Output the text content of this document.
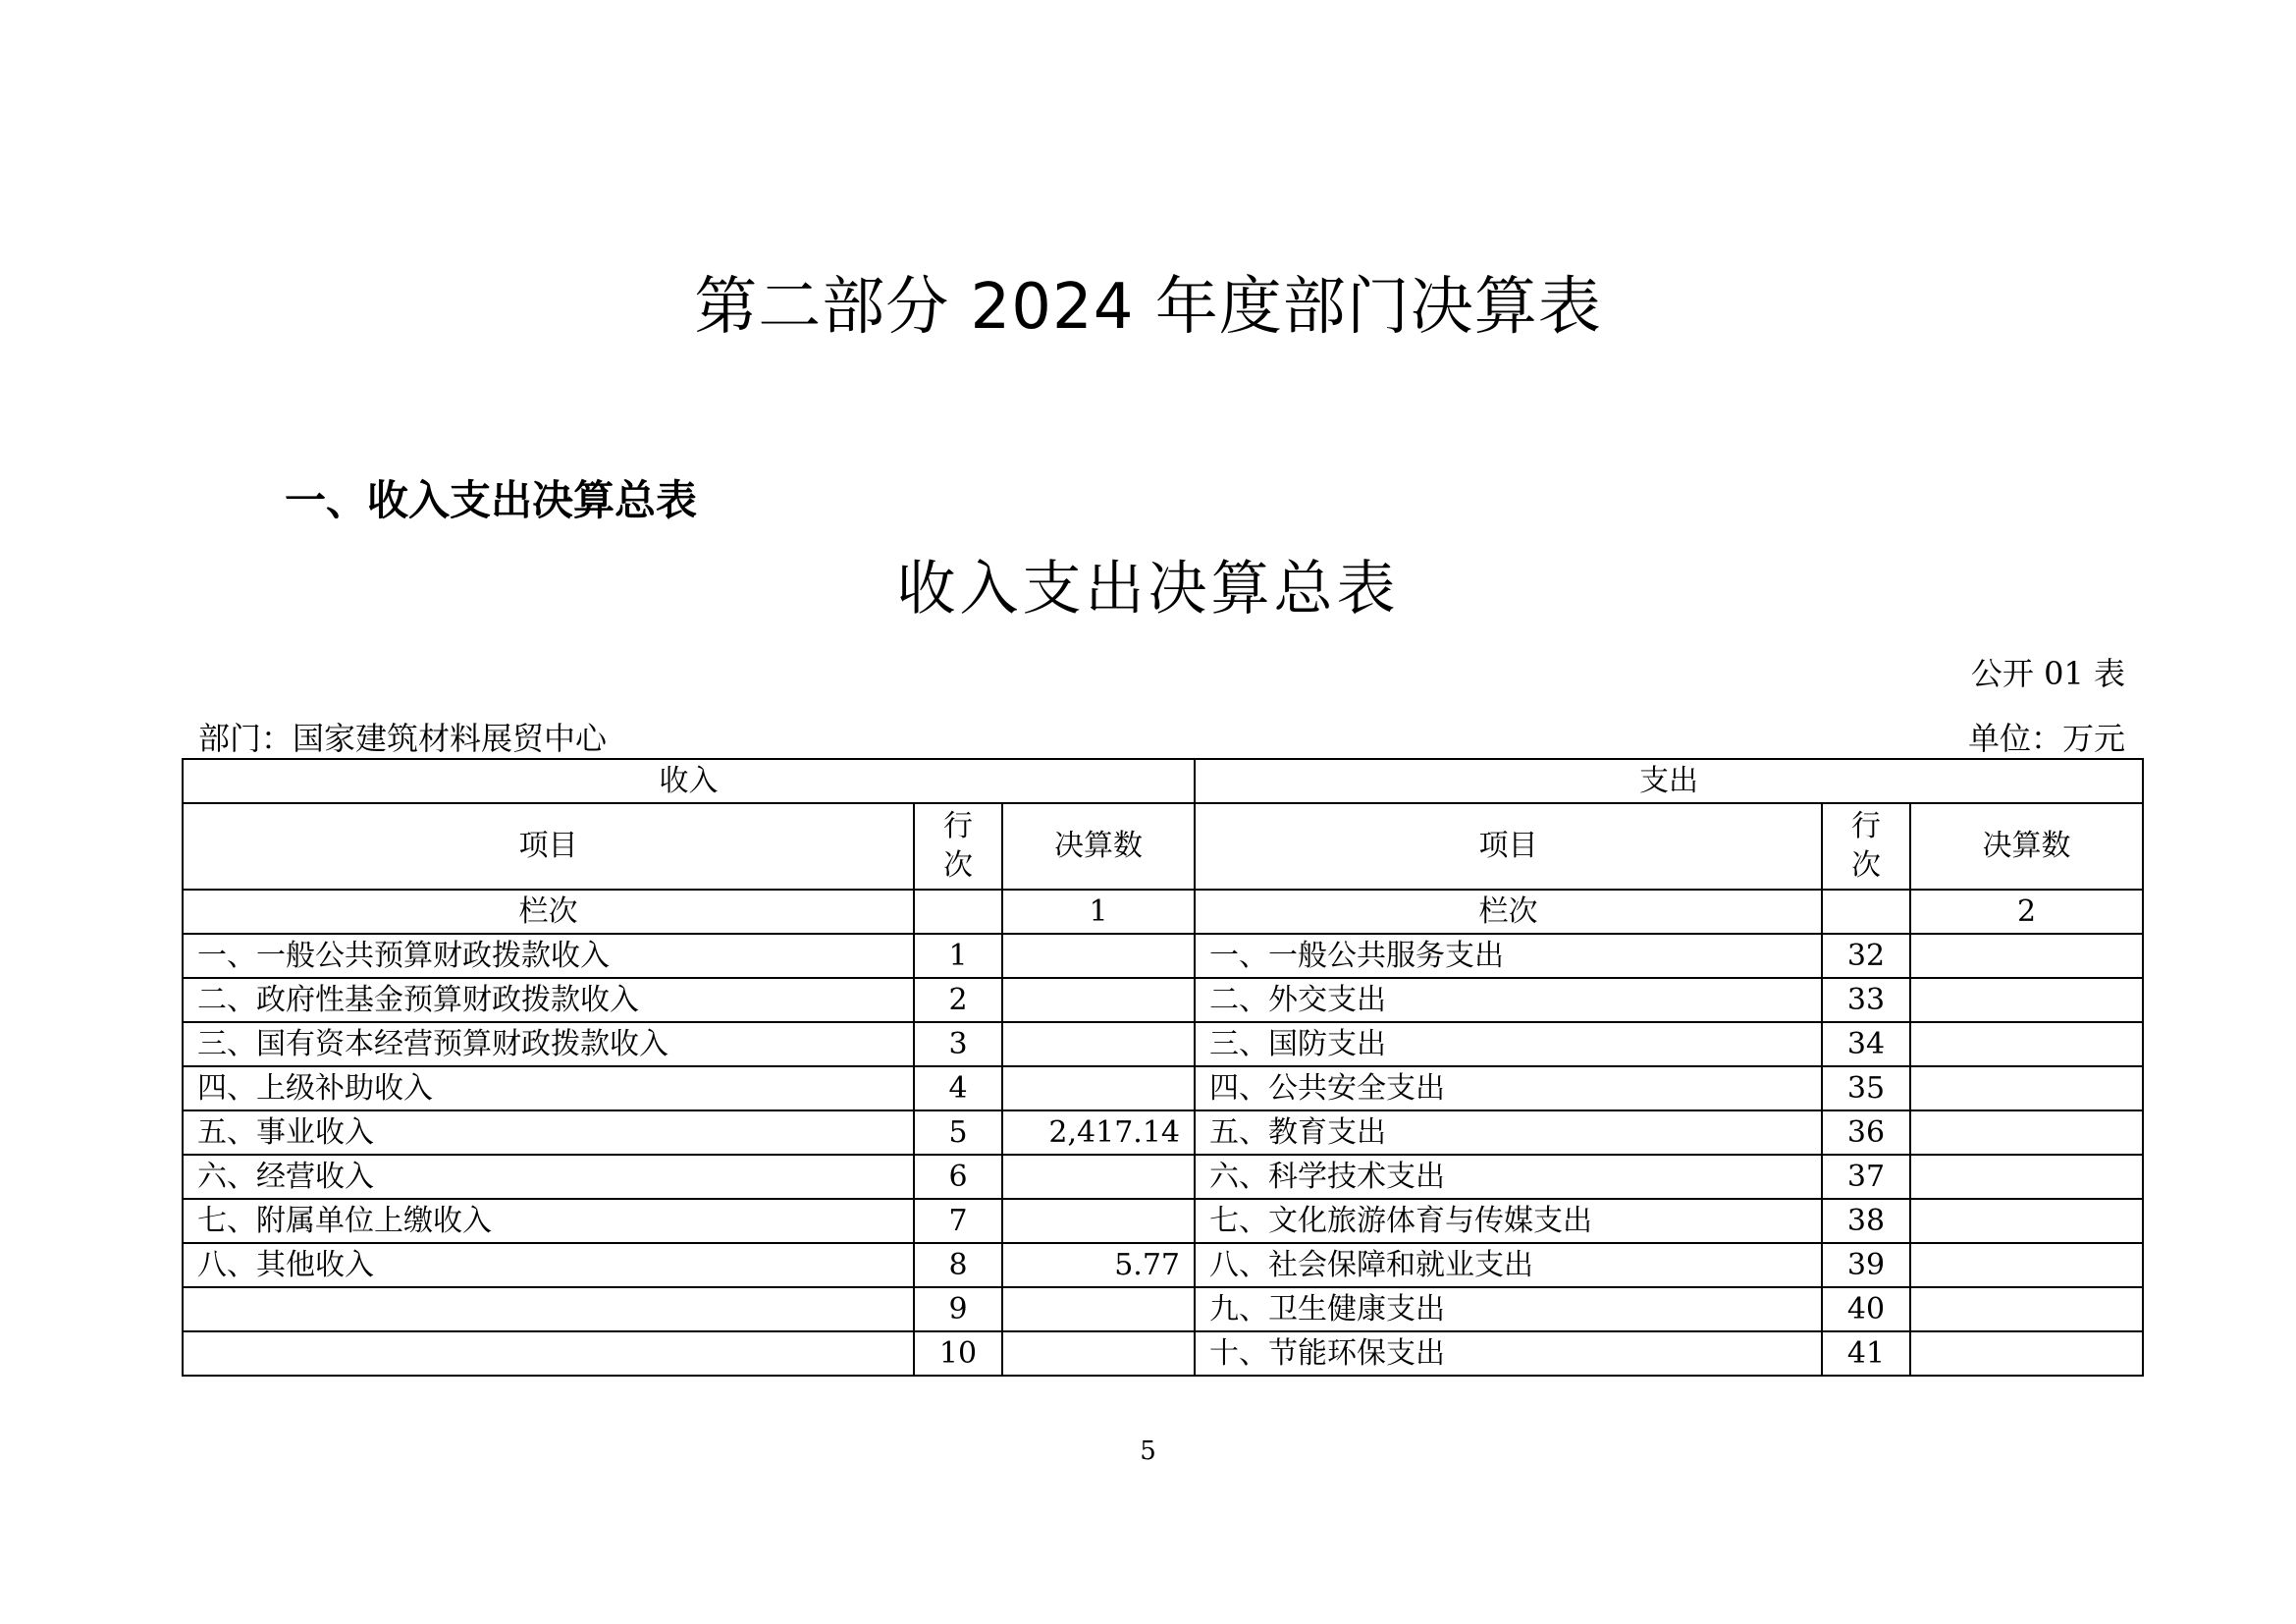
第二部分 2024 年度部门决算表
一、收入支出决算总表
收入支出决算总表
公开 01 表
部门：国家建筑材料展贸中心	单位：万元
收入			支出		
项目	行次	决算数	项目	行次	决算数
栏次		1	栏次		2
一、一般公共预算财政拨款收入	1		一、一般公共服务支出	32	
二、政府性基金预算财政拨款收入	2		二、外交支出	33	
三、国有资本经营预算财政拨款收入	3		三、国防支出	34	
四、上级补助收入	4		四、公共安全支出	35	
五、事业收入	5	2,417.14	五、教育支出	36	
六、经营收入	6		六、科学技术支出	37	
七、附属单位上缴收入	7		七、文化旅游体育与传媒支出	38	
八、其他收入	8	5.77	八、社会保障和就业支出	39	
	9		九、卫生健康支出	40	
	10		十、节能环保支出	41	
5
